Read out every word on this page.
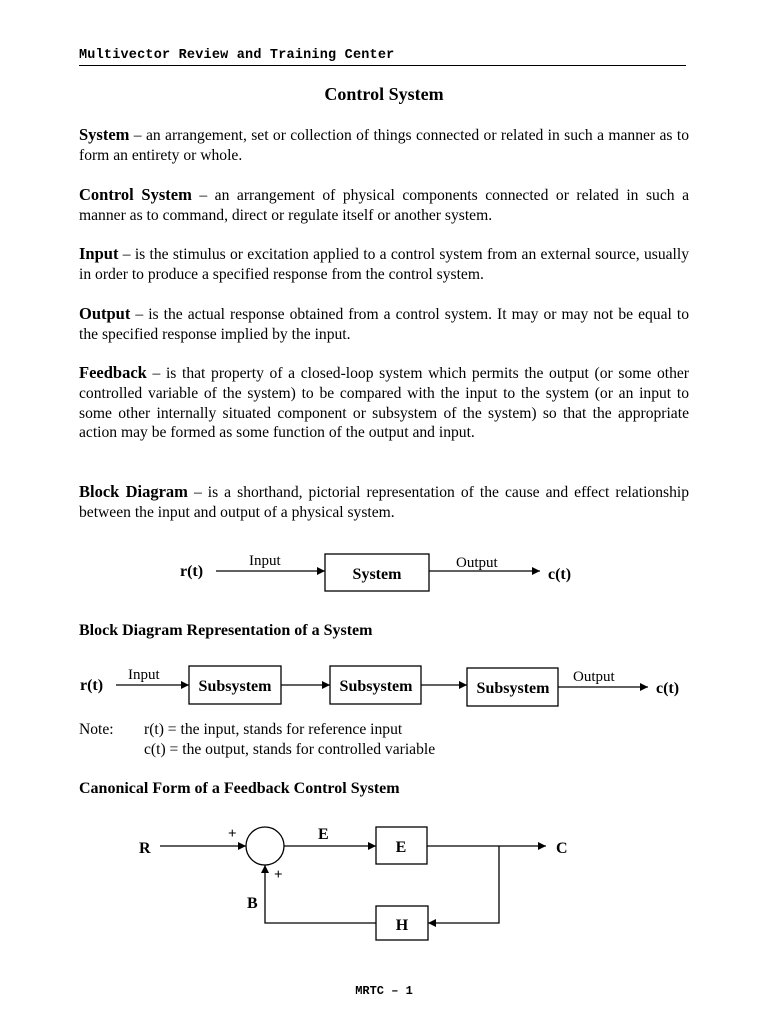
Multivector Review and Training Center
Control System
System – an arrangement, set or collection of things connected or related in such a manner as to form an entirety or whole.
Control System – an arrangement of physical components connected or related in such a manner as to command, direct or regulate itself or another system.
Input – is the stimulus or excitation applied to a control system from an external source, usually in order to produce a specified response from the control system.
Output – is the actual response obtained from a control system. It may or may not be equal to the specified response implied by the input.
Feedback – is that property of a closed-loop system which permits the output (or some other controlled variable of the system) to be compared with the input to the system (or an input to some other internally situated component or subsystem of the system) so that the appropriate action may be formed as some function of the output and input.
Block Diagram – is a shorthand, pictorial representation of the cause and effect relationship between the input and output of a physical system.
r(t)
Input
System
Output
c(t)
Block Diagram Representation of a System
r(t)
Input
Subsystem	Subsystem	Subsystem
Output
c(t)
Note: r(t) = the input, stands for reference input
c(t) = the output, stands for controlled variable
Canonical Form of a Feedback Control System
R
+	E
E	C
H
+
B
MRTC – 1
